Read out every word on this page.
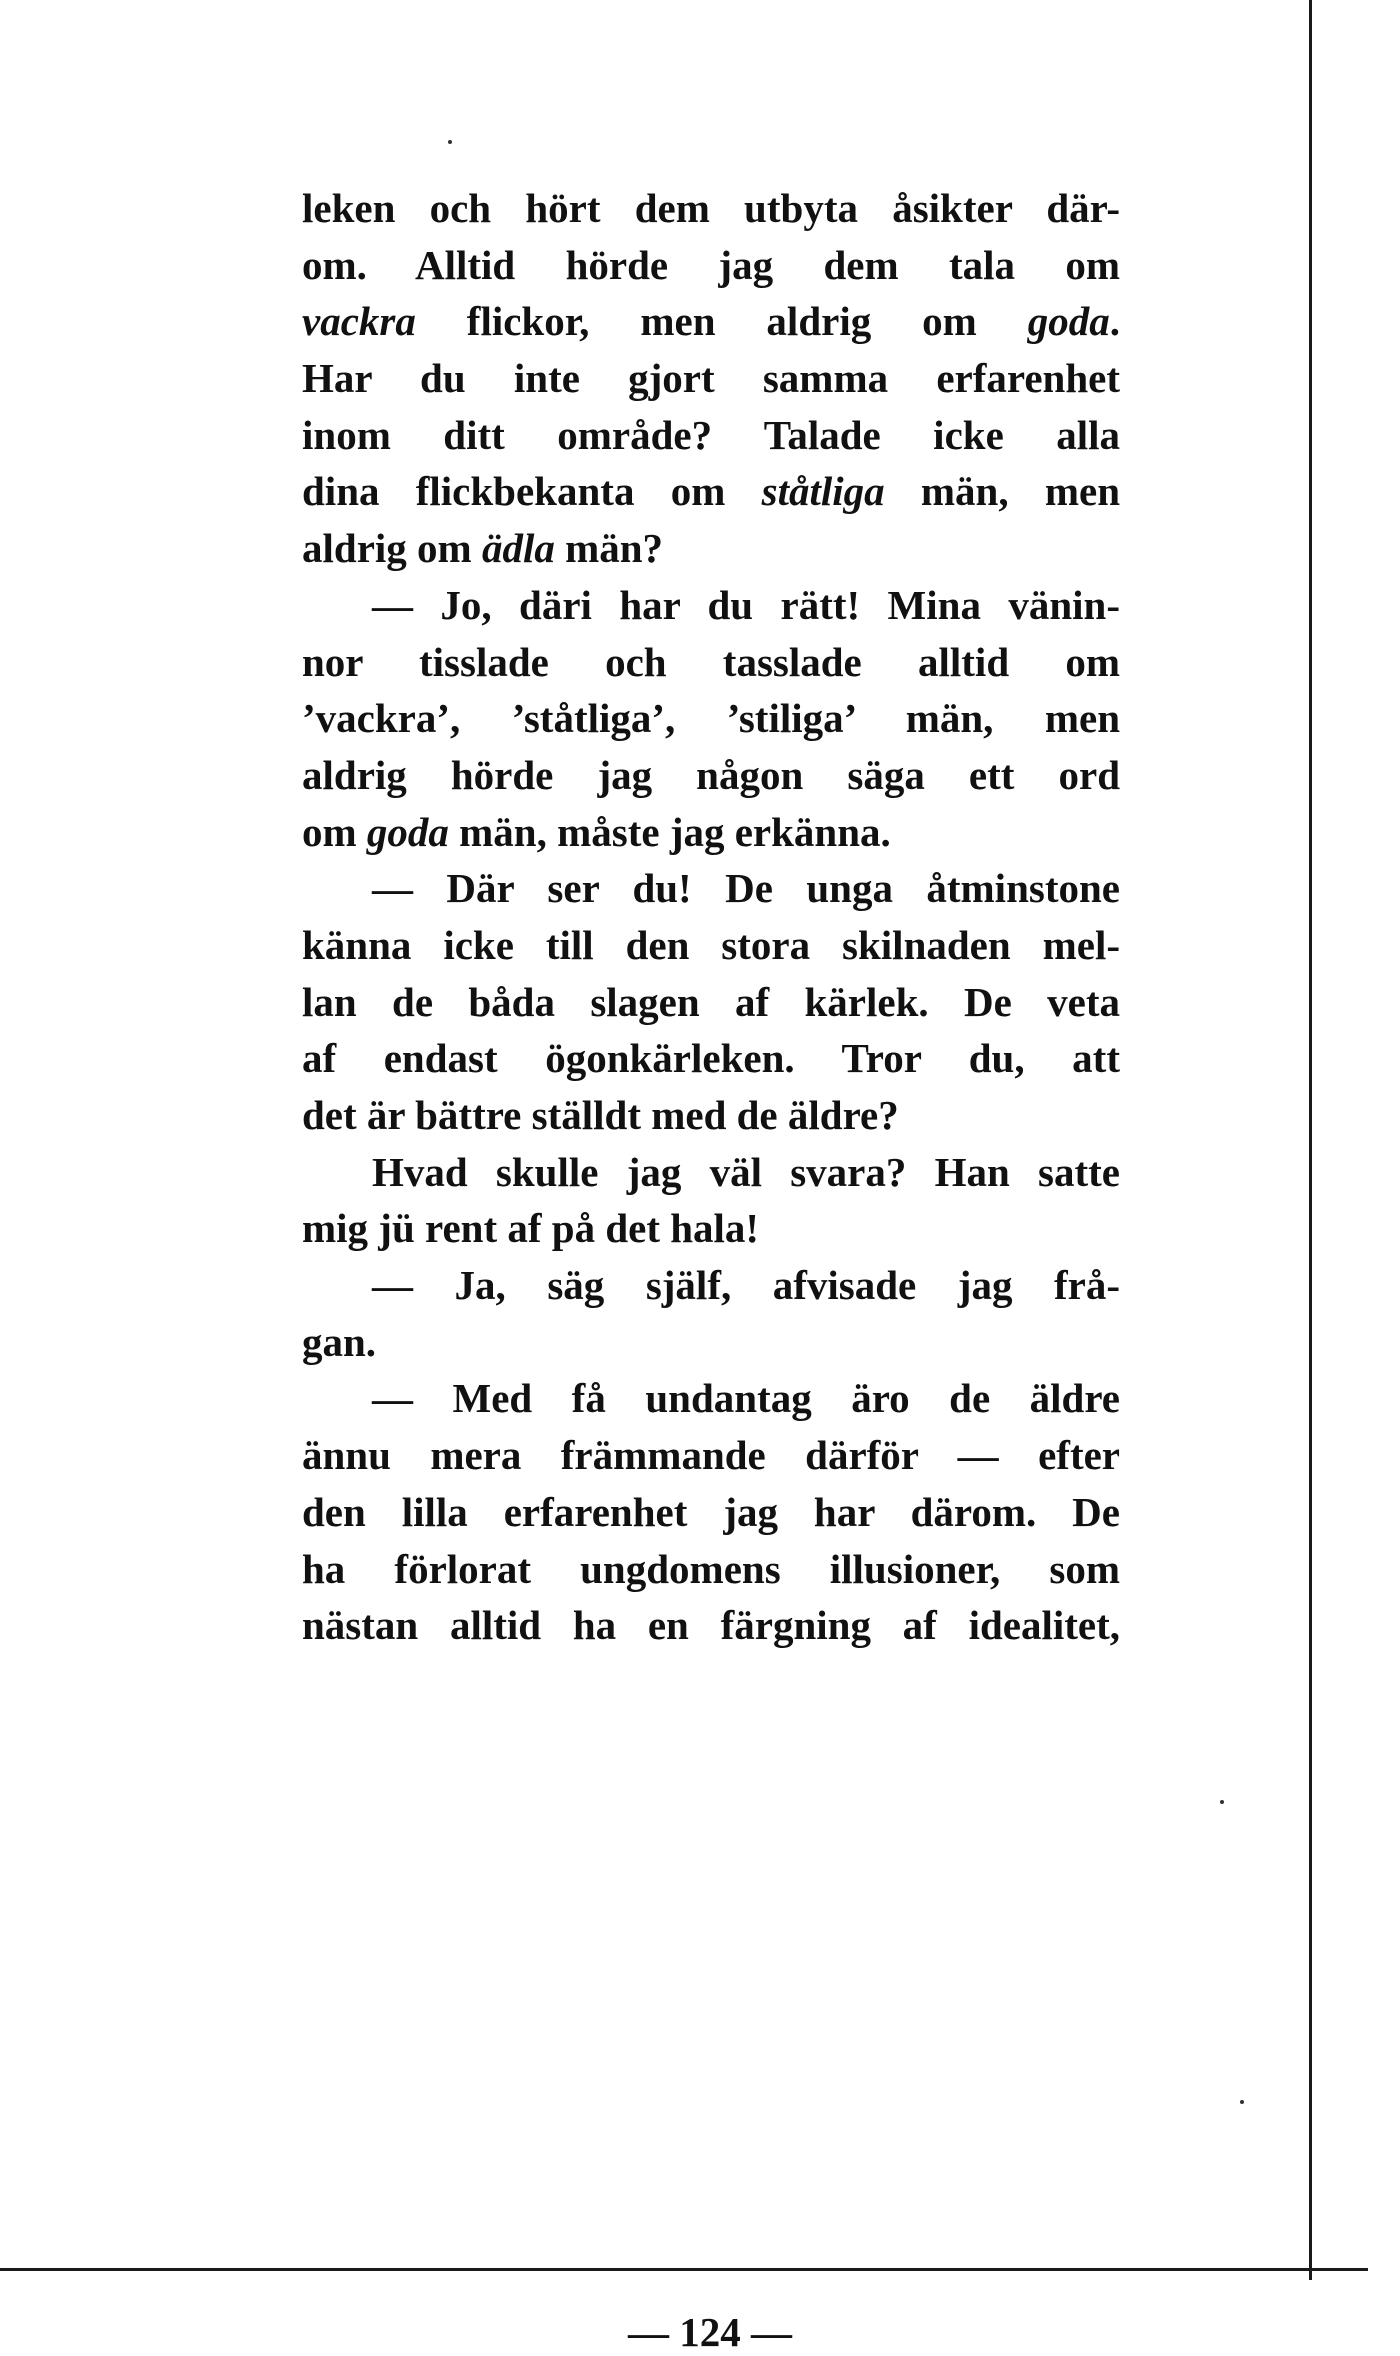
leken och hört dem utbyta åsikter där-
om. Alltid hörde jag dem tala om
vackra flickor, men aldrig om goda.
Har du inte gjort samma erfarenhet
inom ditt område? Talade icke alla
dina flickbekanta om ståtliga män, men
aldrig om ädla män?
— Jo, däri har du rätt! Mina vänin-
nor tisslade och tasslade alltid om
’vackra’, ’ståtliga’, ’stiliga’ män, men
aldrig hörde jag någon säga ett ord
om goda män, måste jag erkänna.
— Där ser du! De unga åtminstone
känna icke till den stora skilnaden mel-
lan de båda slagen af kärlek. De veta
af endast ögonkärleken. Tror du, att
det är bättre ställdt med de äldre?
Hvad skulle jag väl svara? Han satte
mig jü rent af på det hala!
— Ja, säg själf, afvisade jag frå-
gan.
— Med få undantag äro de äldre
ännu mera främmande därför — efter
den lilla erfarenhet jag har därom. De
ha förlorat ungdomens illusioner, som
nästan alltid ha en färgning af idealitet,
— 124 —
